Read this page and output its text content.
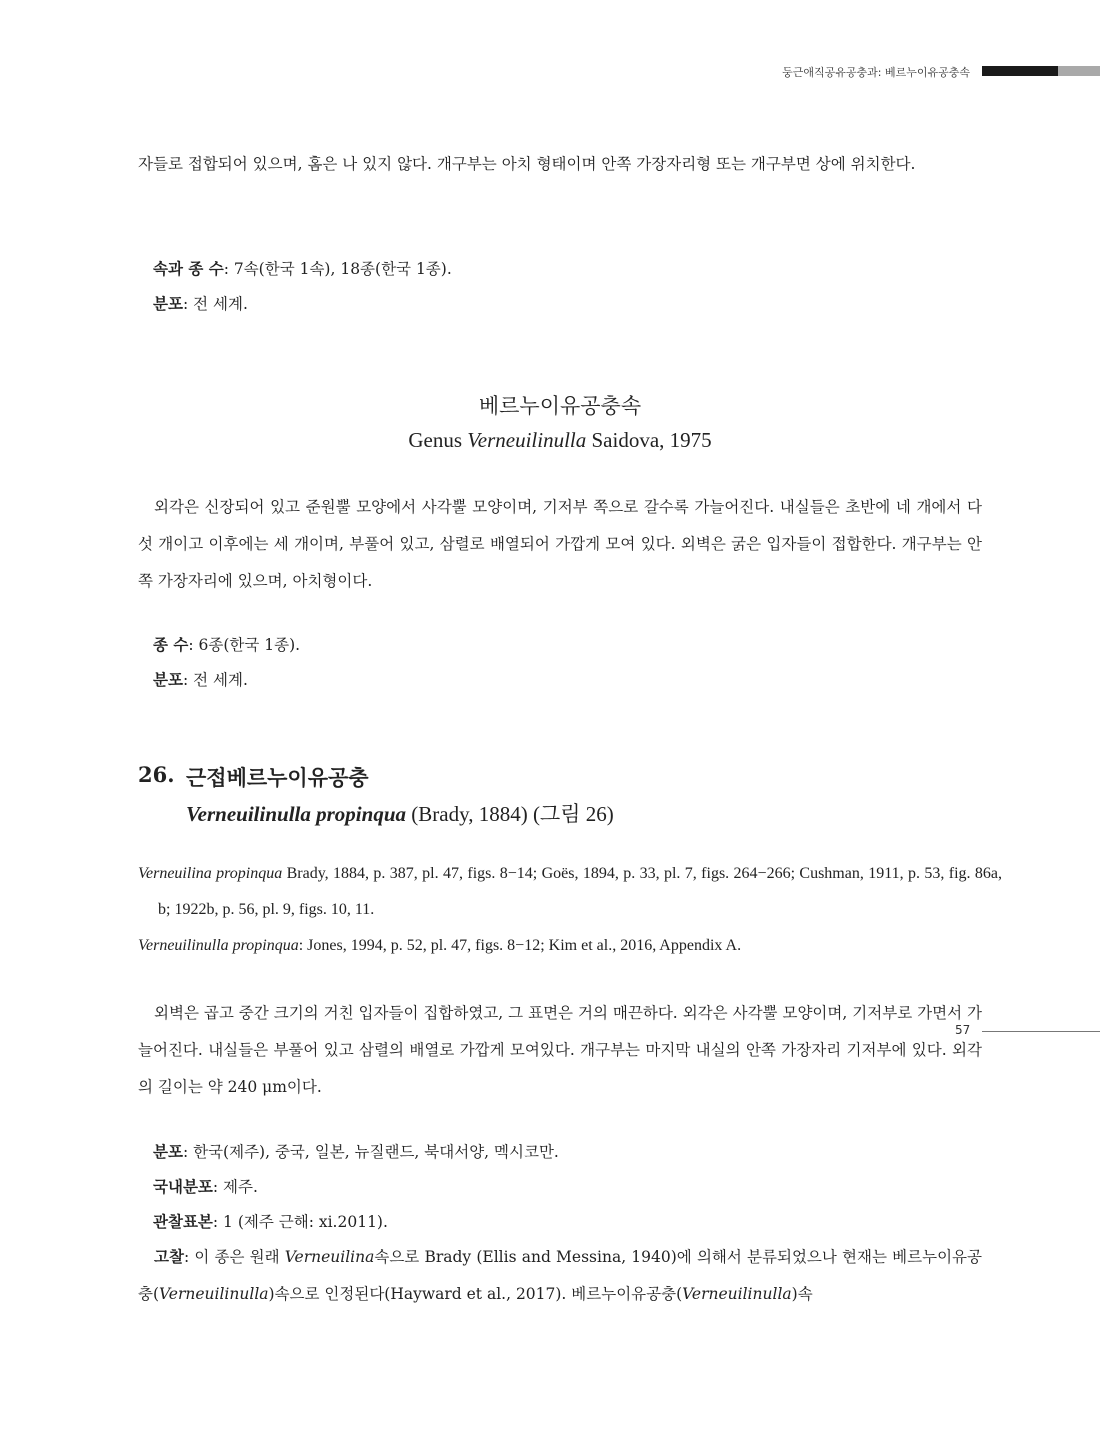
둥근애직공유공충과: 베르누이유공충속

자들로 접합되어 있으며, 홈은 나 있지 않다. 개구부는 아치 형태이며 안쪽 가장자리형 또는 개구부면 상에 위치한다.

속과 종 수: 7속(한국 1속), 18종(한국 1종).
분포: 전 세계.
베르누이유공충속
Genus Verneuilinulla Saidova, 1975

외각은 신장되어 있고 준원뿔 모양에서 사각뿔 모양이며, 기저부 쪽으로 갈수록 가늘어진다. 내실들은 초반에 네 개에서 다섯 개이고 이후에는 세 개이며, 부풀어 있고, 삼렬로 배열되어 가깝게 모여 있다. 외벽은 굵은 입자들이 접합한다. 개구부는 안쪽 가장자리에 있으며, 아치형이다.

종 수: 6종(한국 1종).
분포: 전 세계.
26. 근접베르누이유공충
Verneuilinulla propinqua (Brady, 1884) (그림 26)

Verneuilina propinqua Brady, 1884, p. 387, pl. 47, figs. 8−14; Goës, 1894, p. 33, pl. 7, figs. 264−266; Cushman, 1911, p. 53, fig. 86a, b; 1922b, p. 56, pl. 9, figs. 10, 11.

Verneuilinulla propinqua: Jones, 1994, p. 52, pl. 47, figs. 8−12; Kim et al., 2016, Appendix A.

외벽은 곱고 중간 크기의 거친 입자들이 집합하였고, 그 표면은 거의 매끈하다. 외각은 사각뿔 모양이며, 기저부로 가면서 가늘어진다. 내실들은 부풀어 있고 삼렬의 배열로 가깝게 모여있다. 개구부는 마지막 내실의 안쪽 가장자리 기저부에 있다. 외각의 길이는 약 240 μm이다.

분포: 한국(제주), 중국, 일본, 뉴질랜드, 북대서양, 멕시코만.
국내분포: 제주.
관찰표본: 1 (제주 근해: xi.2011).

고찰: 이 종은 원래 Verneuilina속으로 Brady (Ellis and Messina, 1940)에 의해서 분류되었으나 현재는 베르누이유공충(Verneuilinulla)속으로 인정된다(Hayward et al., 2017). 베르누이유공충(Verneuilinulla)속

57
